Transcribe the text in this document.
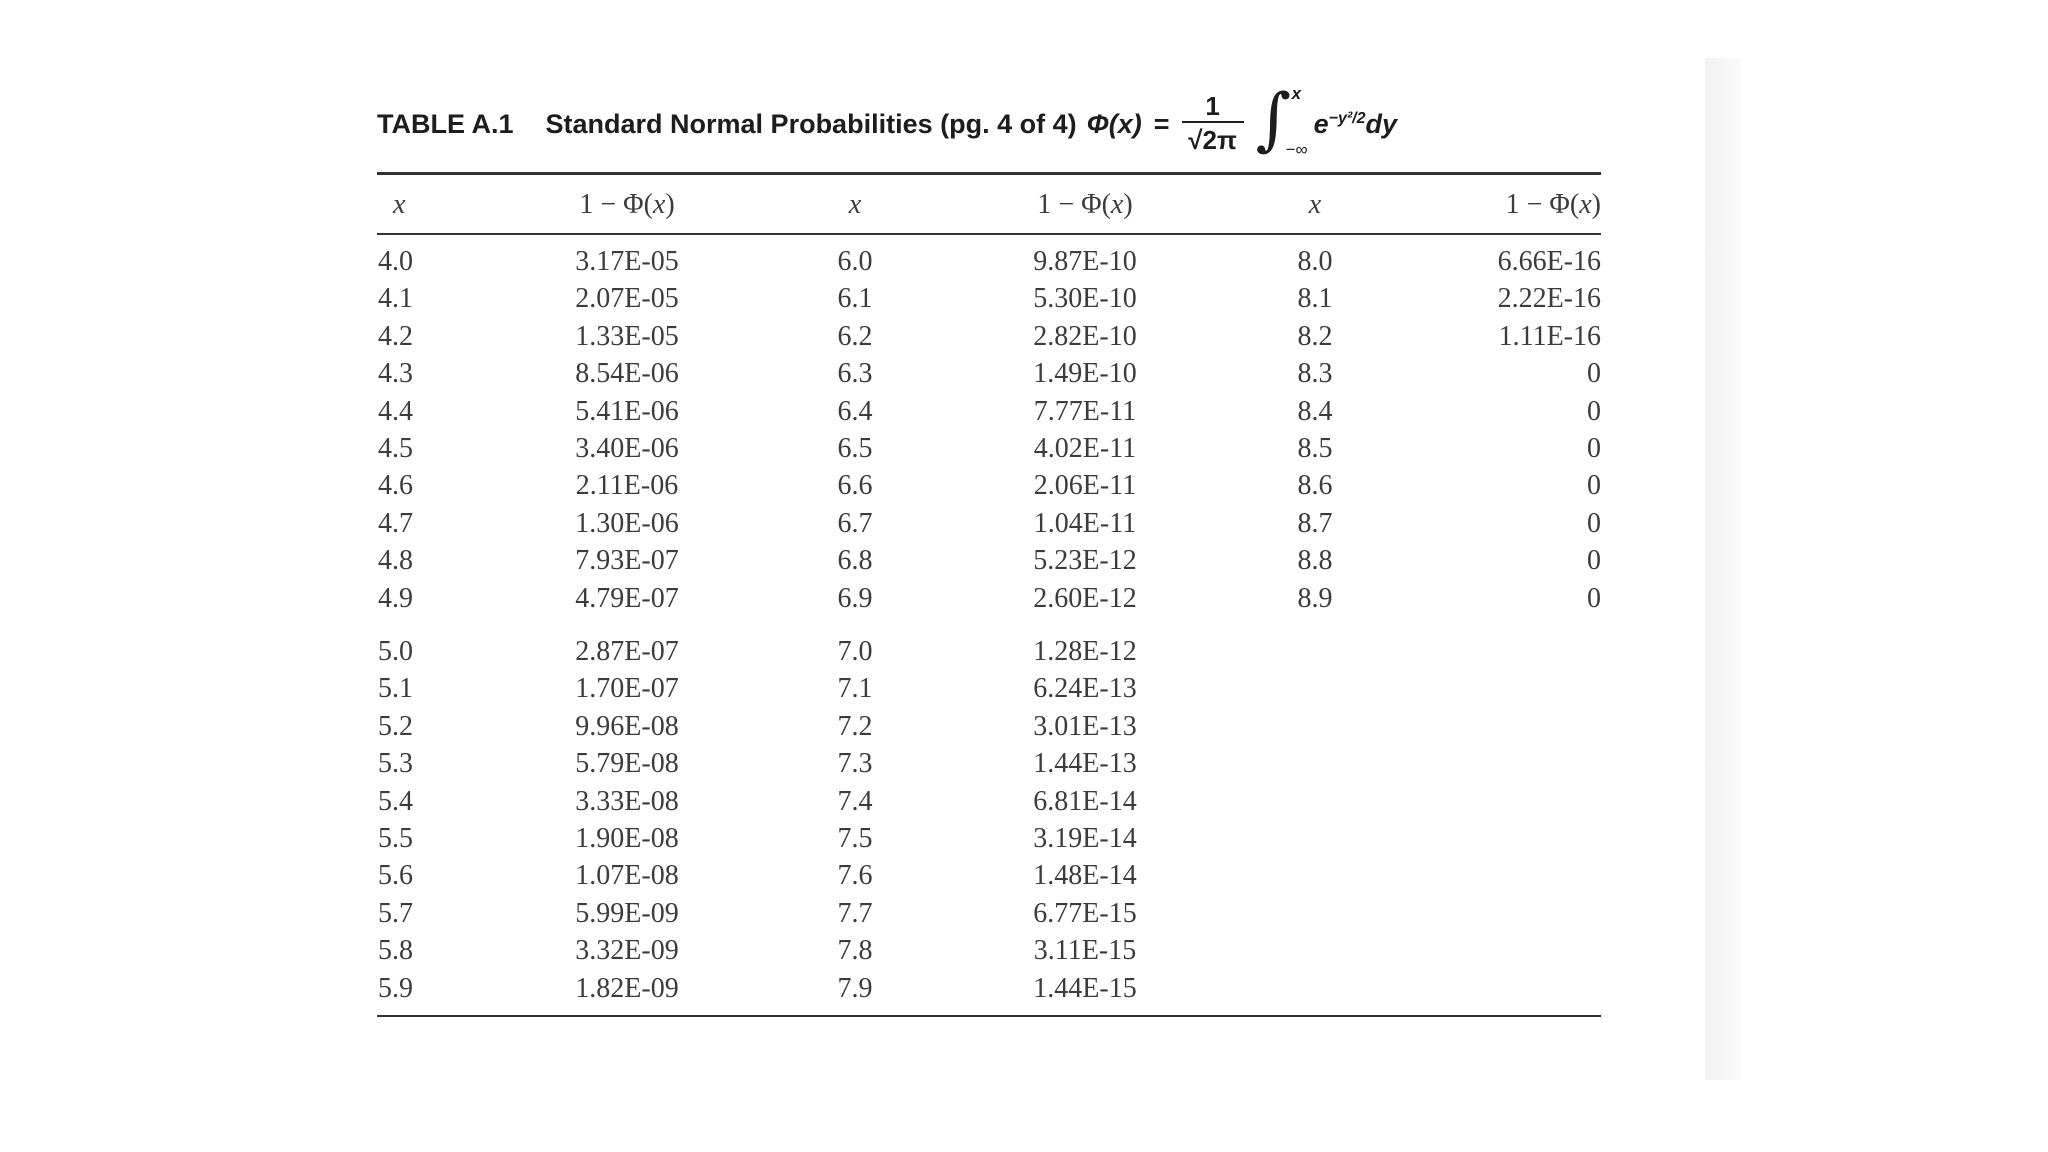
TABLE A.1 Standard Normal Probabilities (pg. 4 of 4) $\Phi(x) = \frac{1}{√2\pi}$ ∫ x
−∞
$e^{-y^2/2}dy$
x	1 − Φ(x)	x	1 − Φ(x)	x	1 − Φ(x)
4.0	3.17E-05	6.0	9.87E-10	8.0	6.66E-16
4.1	2.07E-05	6.1	5.30E-10	8.1	2.22E-16
4.2	1.33E-05	6.2	2.82E-10	8.2	1.11E-16
4.3	8.54E-06	6.3	1.49E-10	8.3	0
4.4	5.41E-06	6.4	7.77E-11	8.4	0
4.5	3.40E-06	6.5	4.02E-11	8.5	0
4.6	2.11E-06	6.6	2.06E-11	8.6	0
4.7	1.30E-06	6.7	1.04E-11	8.7	0
4.8	7.93E-07	6.8	5.23E-12	8.8	0
4.9	4.79E-07	6.9	2.60E-12	8.9	0
5.0	2.87E-07	7.0	1.28E-12
5.1	1.70E-07	7.1	6.24E-13
5.2	9.96E-08	7.2	3.01E-13
5.3	5.79E-08	7.3	1.44E-13
5.4	3.33E-08	7.4	6.81E-14
5.5	1.90E-08	7.5	3.19E-14
5.6	1.07E-08	7.6	1.48E-14
5.7	5.99E-09	7.7	6.77E-15
5.8	3.32E-09	7.8	3.11E-15
5.9	1.82E-09	7.9	1.44E-15
